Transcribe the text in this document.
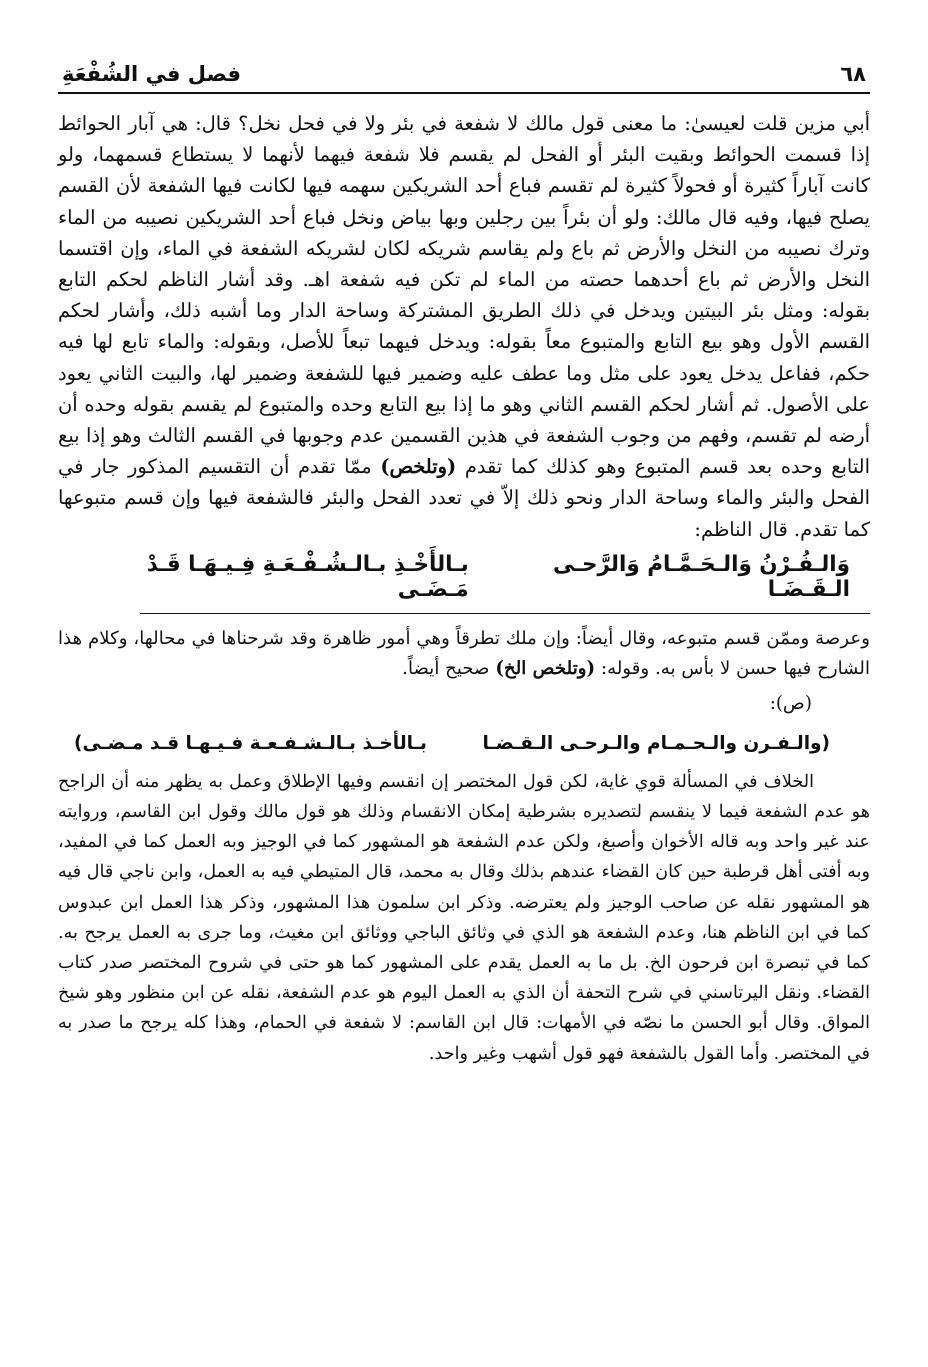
٦٨
فصل في الشُفْعَةِ

أبي مزين قلت لعيسىٰ: ما معنى قول مالك لا شفعة في بئر ولا في فحل نخل؟ قال: هي آبار الحوائط إذا قسمت الحوائط وبقيت البئر أو الفحل لم يقسم فلا شفعة فيهما لأنهما لا يستطاع قسمهما، ولو كانت آباراً كثيرة أو فحولاً كثيرة لم تقسم فباع أحد الشريكين سهمه فيها لكانت فيها الشفعة لأن القسم يصلح فيها، وفيه قال مالك: ولو أن بئراً بين رجلين وبها بياض ونخل فباع أحد الشريكين نصيبه من الماء وترك نصيبه من النخل والأرض ثم باع ولم يقاسم شريكه لكان لشريكه الشفعة في الماء، وإن اقتسما النخل والأرض ثم باع أحدهما حصته من الماء لم تكن فيه شفعة اهـ. وقد أشار الناظم لحكم التابع بقوله: ومثل بئر البيتين ويدخل في ذلك الطريق المشتركة وساحة الدار وما أشبه ذلك، وأشار لحكم القسم الأول وهو بيع التابع والمتبوع معاً بقوله: ويدخل فيهما تبعاً للأصل، وبقوله: والماء تابع لها فيه حكم، ففاعل يدخل يعود على مثل وما عطف عليه وضمير فيها للشفعة وضمير لها، والبيت الثاني يعود على الأصول. ثم أشار لحكم القسم الثاني وهو ما إذا بيع التابع وحده والمتبوع لم يقسم بقوله وحده أن أرضه لم تقسم، وفهم من وجوب الشفعة في هذين القسمين عدم وجوبها في القسم الثالث وهو إذا بيع التابع وحده بعد قسم المتبوع وهو كذلك كما تقدم (وتلخص) ممّا تقدم أن التقسيم المذكور جار في الفحل والبئر والماء وساحة الدار ونحو ذلك إلاّ في تعدد الفحل والبئر فالشفعة فيها وإن قسم متبوعها كما تقدم. قال الناظم:

وَالـفُـرْنُ وَالـحَـمَّـامُ وَالرَّحـى الـقَـضَـا
بـالأَخْـذِ بـالـشُـفْـعَـةِ فِـيـهَـا قَـدْ مَـضَـى

وعرصة وممّن قسم متبوعه، وقال أيضاً: وإن ملك تطرقاً وهي أمور ظاهرة وقد شرحناها في محالها، وكلام هذا الشارح فيها حسن لا بأس به. وقوله: (وتلخص الخ) صحيح أيضاً.

(ص):
(والـفـرن والـحـمـام والـرحـى الـقـضـا
بـالأخـذ بـالـشـفـعـة فـيـهـا قـد مـضـى)

الخلاف في المسألة قوي غاية، لكن قول المختصر إن انقسم وفيها الإطلاق وعمل به يظهر منه أن الراجح هو عدم الشفعة فيما لا ينقسم لتصديره بشرطية إمكان الانقسام وذلك هو قول مالك وقول ابن القاسم، وروايته عند غير واحد وبه قاله الأخوان وأصبغ، ولكن عدم الشفعة هو المشهور كما في الوجيز وبه العمل كما في المفيد، وبه أفتى أهل قرطبة حين كان القضاء عندهم بذلك وقال به محمد، قال المتيطي فيه به العمل، وابن ناجي قال فيه هو المشهور نقله عن صاحب الوجيز ولم يعترضه. وذكر ابن سلمون هذا المشهور، وذكر هذا العمل ابن عبدوس كما في ابن الناظم هنا، وعدم الشفعة هو الذي في وثائق الباجي ووثائق ابن مغيث، وما جرى به العمل يرجح به. كما في تبصرة ابن فرحون الخ. بل ما به العمل يقدم على المشهور كما هو حتى في شروح المختصر صدر كتاب القضاء. ونقل اليرتاسني في شرح التحفة أن الذي به العمل اليوم هو عدم الشفعة، نقله عن ابن منظور وهو شيخ المواق. وقال أبو الحسن ما نصّه في الأمهات: قال ابن القاسم: لا شفعة في الحمام، وهذا كله يرجح ما صدر به في المختصر. وأما القول بالشفعة فهو قول أشهب وغير واحد.
